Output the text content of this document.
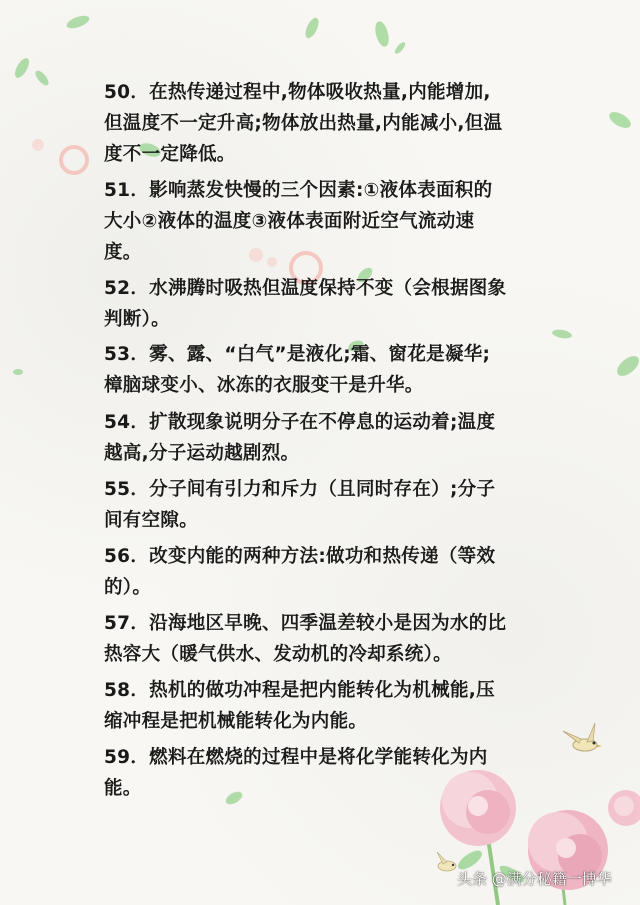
50．在热传递过程中,物体吸收热量,内能增加,
但温度不一定升高;物体放出热量,内能减小,但温
度不一定降低。
51．影响蒸发快慢的三个因素:①液体表面积的
大小②液体的温度③液体表面附近空气流动速
度。
52．水沸腾时吸热但温度保持不变（会根据图象
判断）。
53．雾、露、“白气”是液化;霜、窗花是凝华;
樟脑球变小、冰冻的衣服变干是升华。
54．扩散现象说明分子在不停息的运动着;温度
越高,分子运动越剧烈。
55．分子间有引力和斥力（且同时存在）;分子
间有空隙。
56．改变内能的两种方法:做功和热传递（等效
的）。
57．沿海地区早晚、四季温差较小是因为水的比
热容大（暖气供水、发动机的冷却系统）。
58．热机的做功冲程是把内能转化为机械能,压
缩冲程是把机械能转化为内能。
59．燃料在燃烧的过程中是将化学能转化为内
能。
头条 @满分秘籍一博华
